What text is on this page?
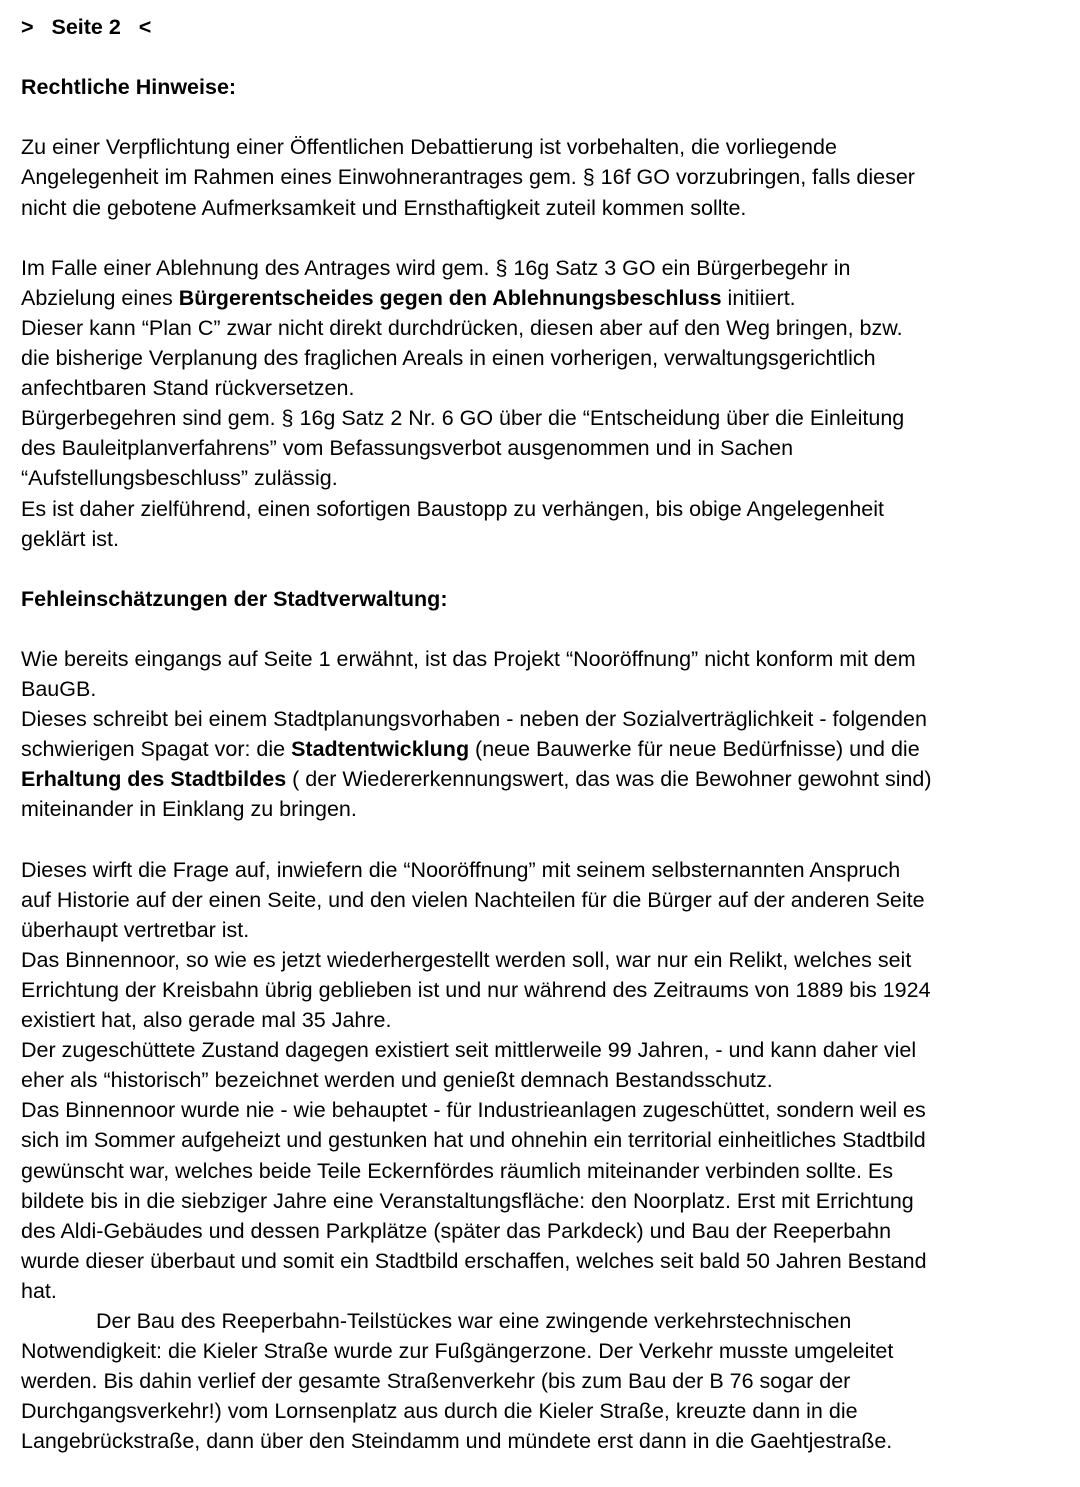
> Seite 2 <
Rechtliche Hinweise:
Zu einer Verpflichtung einer Öffentlichen Debattierung ist vorbehalten, die vorliegende
Angelegenheit im Rahmen eines Einwohnerantrages gem. § 16f GO vorzubringen, falls dieser
nicht die gebotene Aufmerksamkeit und Ernsthaftigkeit zuteil kommen sollte.
Im Falle einer Ablehnung des Antrages wird gem. § 16g Satz 3 GO ein Bürgerbegehr in
Abzielung eines Bürgerentscheides gegen den Ablehnungsbeschluss initiiert.
Dieser kann “Plan C” zwar nicht direkt durchdrücken, diesen aber auf den Weg bringen, bzw.
die bisherige Verplanung des fraglichen Areals in einen vorherigen, verwaltungsgerichtlich
anfechtbaren Stand rückversetzen.
Bürgerbegehren sind gem. § 16g Satz 2 Nr. 6 GO über die “Entscheidung über die Einleitung
des Bauleitplanverfahrens” vom Befassungsverbot ausgenommen und in Sachen
“Aufstellungsbeschluss” zulässig.
Es ist daher zielführend, einen sofortigen Baustopp zu verhängen, bis obige Angelegenheit
geklärt ist.
Fehleinschätzungen der Stadtverwaltung:
Wie bereits eingangs auf Seite 1 erwähnt, ist das Projekt “Nooröffnung” nicht konform mit dem
BauGB.
Dieses schreibt bei einem Stadtplanungsvorhaben - neben der Sozialverträglichkeit - folgenden
schwierigen Spagat vor: die Stadtentwicklung (neue Bauwerke für neue Bedürfnisse) und die
Erhaltung des Stadtbildes ( der Wiedererkennungswert, das was die Bewohner gewohnt sind)
miteinander in Einklang zu bringen.
Dieses wirft die Frage auf, inwiefern die “Nooröffnung” mit seinem selbsternannten Anspruch
auf Historie auf der einen Seite, und den vielen Nachteilen für die Bürger auf der anderen Seite
überhaupt vertretbar ist.
Das Binnennoor, so wie es jetzt wiederhergestellt werden soll, war nur ein Relikt, welches seit
Errichtung der Kreisbahn übrig geblieben ist und nur während des Zeitraums von 1889 bis 1924
existiert hat, also gerade mal 35 Jahre.
Der zugeschüttete Zustand dagegen existiert seit mittlerweile 99 Jahren, - und kann daher viel
eher als “historisch” bezeichnet werden und genießt demnach Bestandsschutz.
Das Binnennoor wurde nie - wie behauptet - für Industrieanlagen zugeschüttet, sondern weil es
sich im Sommer aufgeheizt und gestunken hat und ohnehin ein territorial einheitliches Stadtbild
gewünscht war, welches beide Teile Eckernfördes räumlich miteinander verbinden sollte. Es
bildete bis in die siebziger Jahre eine Veranstaltungsfläche: den Noorplatz. Erst mit Errichtung
des Aldi-Gebäudes und dessen Parkplätze (später das Parkdeck) und Bau der Reeperbahn
wurde dieser überbaut und somit ein Stadtbild erschaffen, welches seit bald 50 Jahren Bestand
hat.
Der Bau des Reeperbahn-Teilstückes war eine zwingende verkehrstechnischen
Notwendigkeit: die Kieler Straße wurde zur Fußgängerzone. Der Verkehr musste umgeleitet
werden. Bis dahin verlief der gesamte Straßenverkehr (bis zum Bau der B 76 sogar der
Durchgangsverkehr!) vom Lornsenplatz aus durch die Kieler Straße, kreuzte dann in die
Langebrückstraße, dann über den Steindamm und mündete erst dann in die Gaehtjestraße.
